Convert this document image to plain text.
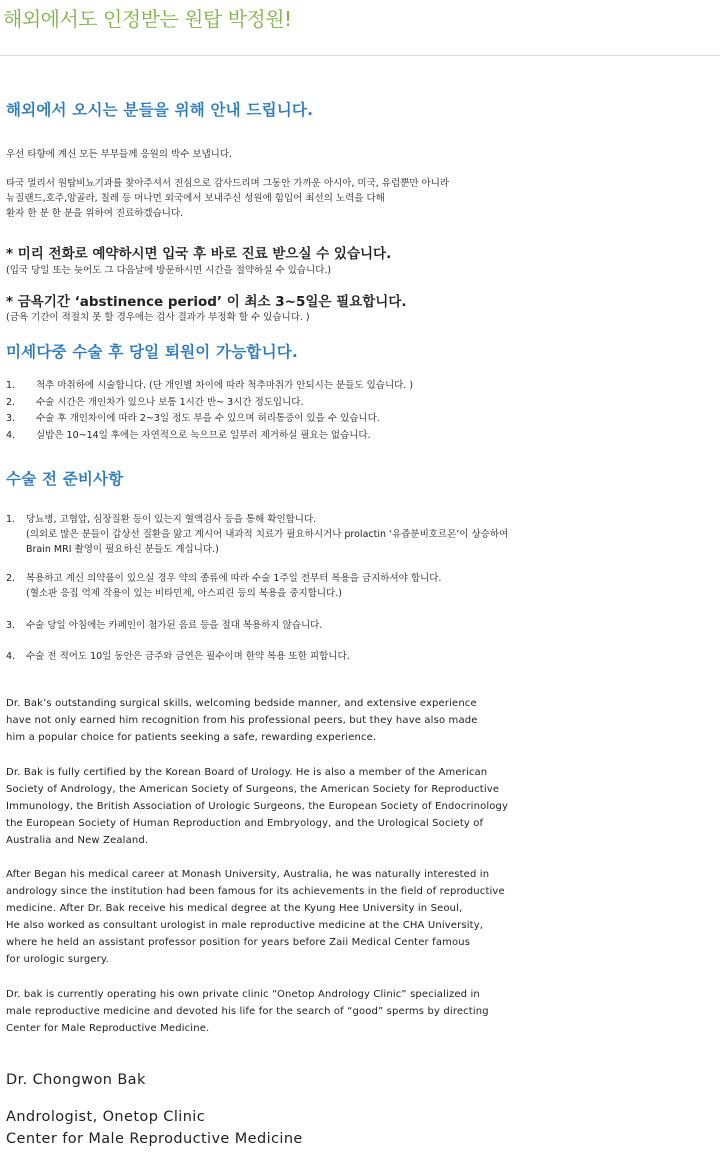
해외에서도 인정받는 원탑 박정원!
해외에서 오시는 분들을 위해 안내 드립니다.
우선 타향에 계신 모든 부부들께 응원의 박수 보냅니다.
타국 멀리서 원탑비뇨기과를 찾아주셔서 진심으로 감사드리며 그동안 가까운 아시아, 미국, 유럽뿐만 아니라
뉴질랜드,호주,앙골라, 칠레 등 머나먼 외국에서 보내주신 성원에 힘입어 최선의 노력을 다해
환자 한 분 한 분을 위하여 진료하겠습니다.
* 미리 전화로 예약하시면 입국 후 바로 진료 받으실 수 있습니다.
(입국 당일 또는 늦어도 그 다음날에 방문하시면 시간을 절약하실 수 있습니다.)
* 금욕기간 ‘abstinence period’ 이 최소 3~5일은 필요합니다.
(금욕 기간이 적절치 못 할 경우에는 검사 결과가 부정확 할 수 있습니다. )
미세다중 수술 후 당일 퇴원이 가능합니다.
1. 척추 마취하에 시술합니다. (단 개인별 차이에 따라 척추마취가 안되시는 분들도 있습니다. )
2. 수술 시간은 개인차가 있으나 보통 1시간 반~ 3시간 정도입니다.
3. 수술 후 개인차이에 따라 2~3일 정도 부을 수 있으며 허리통증이 있을 수 있습니다.
4. 실밥은 10~14일 후에는 자연적으로 녹으므로 일부러 제거하실 필요는 없습니다.
수술 전 준비사항
1. 당뇨병, 고협압, 심장질환 등이 있는지 혈액검사 등을 통해 확인합니다.
(의외로 많은 분들이 갑상선 질환을 앓고 계시어 내과적 치료가 필요하시거나 prolactin ‘유즙분비호르몬’이 상승하여
Brain MRI 촬영이 필요하신 분들도 계십니다.)
2. 복용하고 계신 의약품이 있으실 경우 약의 종류에 따라 수술 1주일 전부터 복용을 금지하셔야 합니다.
(혈소판 응집 억제 작용이 있는 비타민제, 아스피린 등의 복용을 중지합니다.)
3. 수술 당일 아침에는 카페인이 첨가된 음료 등을 절대 복용하지 않습니다.
4. 수술 전 적어도 10일 동안은 금주와 금연은 필수이며 한약 복용 또한 피합니다.
Dr. Bak’s outstanding surgical skills, welcoming bedside manner, and extensive experience
have not only earned him recognition from his professional peers, but they have also made
him a popular choice for patients seeking a safe, rewarding experience.
Dr. Bak is fully certified by the Korean Board of Urology. He is also a member of the American
Society of Andrology, the American Society of Surgeons, the American Society for Reproductive
Immunology, the British Association of Urologic Surgeons, the European Society of Endocrinology
the European Society of Human Reproduction and Embryology, and the Urological Society of
Australia and New Zealand.
After Began his medical career at Monash University, Australia, he was naturally interested in
andrology since the institution had been famous for its achievements in the field of reproductive
medicine. After Dr. Bak receive his medical degree at the Kyung Hee University in Seoul,
He also worked as consultant urologist in male reproductive medicine at the CHA University,
where he held an assistant professor position for years before Zaii Medical Center famous
for urologic surgery.
Dr. bak is currently operating his own private clinic “Onetop Andrology Clinic” specialized in
male reproductive medicine and devoted his life for the search of “good” sperms by directing
Center for Male Reproductive Medicine.
Dr. Chongwon Bak
Andrologist, Onetop Clinic
Center for Male Reproductive Medicine
